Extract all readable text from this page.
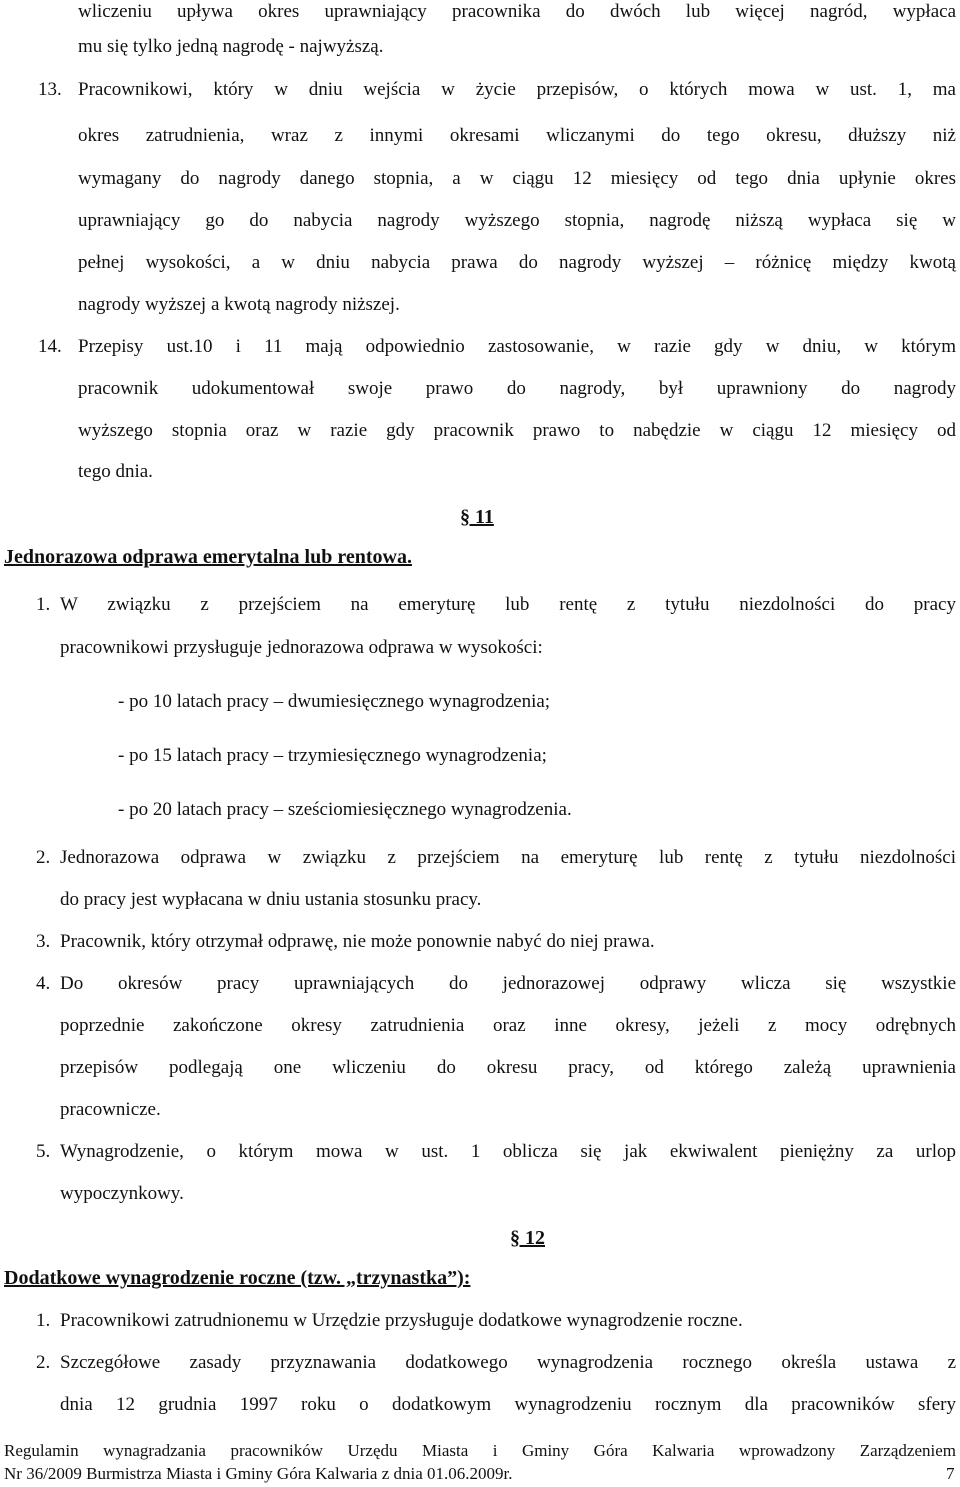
wliczeniu upływa okres uprawniający pracownika do dwóch lub więcej nagród, wypłaca
mu się tylko jedną nagrodę - najwyższą.
13. Pracownikowi, który w dniu wejścia w życie przepisów, o których mowa w ust. 1, ma
okres zatrudnienia, wraz z innymi okresami wliczanymi do tego okresu, dłuższy niż
wymagany do nagrody danego stopnia, a w ciągu 12 miesięcy od tego dnia upłynie okres
uprawniający go do nabycia nagrody wyższego stopnia, nagrodę niższą wypłaca się w
pełnej wysokości, a w dniu nabycia prawa do nagrody wyższej – różnicę między kwotą
nagrody wyższej a kwotą nagrody niższej.
14. Przepisy ust.10 i 11 mają odpowiednio zastosowanie, w razie gdy w dniu, w którym
pracownik udokumentował swoje prawo do nagrody, był uprawniony do nagrody
wyższego stopnia oraz w razie gdy pracownik prawo to nabędzie w ciągu 12 miesięcy od
tego dnia.
§ 11
Jednorazowa odprawa emerytalna lub rentowa.
1. W związku z przejściem na emeryturę lub rentę z tytułu niezdolności do pracy
pracownikowi przysługuje jednorazowa odprawa w wysokości:
- po 10 latach pracy – dwumiesięcznego wynagrodzenia;
- po 15 latach pracy – trzymiesięcznego wynagrodzenia;
- po 20 latach pracy – sześciomiesięcznego wynagrodzenia.
2. Jednorazowa odprawa w związku z przejściem na emeryturę lub rentę z tytułu niezdolności
do pracy jest wypłacana w dniu ustania stosunku pracy.
3. Pracownik, który otrzymał odprawę, nie może ponownie nabyć do niej prawa.
4. Do okresów pracy uprawniających do jednorazowej odprawy wlicza się wszystkie
poprzednie zakończone okresy zatrudnienia oraz inne okresy, jeżeli z mocy odrębnych
przepisów podlegają one wliczeniu do okresu pracy, od którego zależą uprawnienia
pracownicze.
5. Wynagrodzenie, o którym mowa w ust. 1 oblicza się jak ekwiwalent pieniężny za urlop
wypoczynkowy.
§ 12
Dodatkowe wynagrodzenie roczne (tzw. „trzynastka”):
1. Pracownikowi zatrudnionemu w Urzędzie przysługuje dodatkowe wynagrodzenie roczne.
2. Szczegółowe zasady przyznawania dodatkowego wynagrodzenia rocznego określa ustawa z
dnia 12 grudnia 1997 roku o dodatkowym wynagrodzeniu rocznym dla pracowników sfery
Regulamin wynagradzania pracowników Urzędu Miasta i Gminy Góra Kalwaria wprowadzony Zarządzeniem
Nr 36/2009 Burmistrza Miasta i Gminy Góra Kalwaria z dnia 01.06.2009r.	7
